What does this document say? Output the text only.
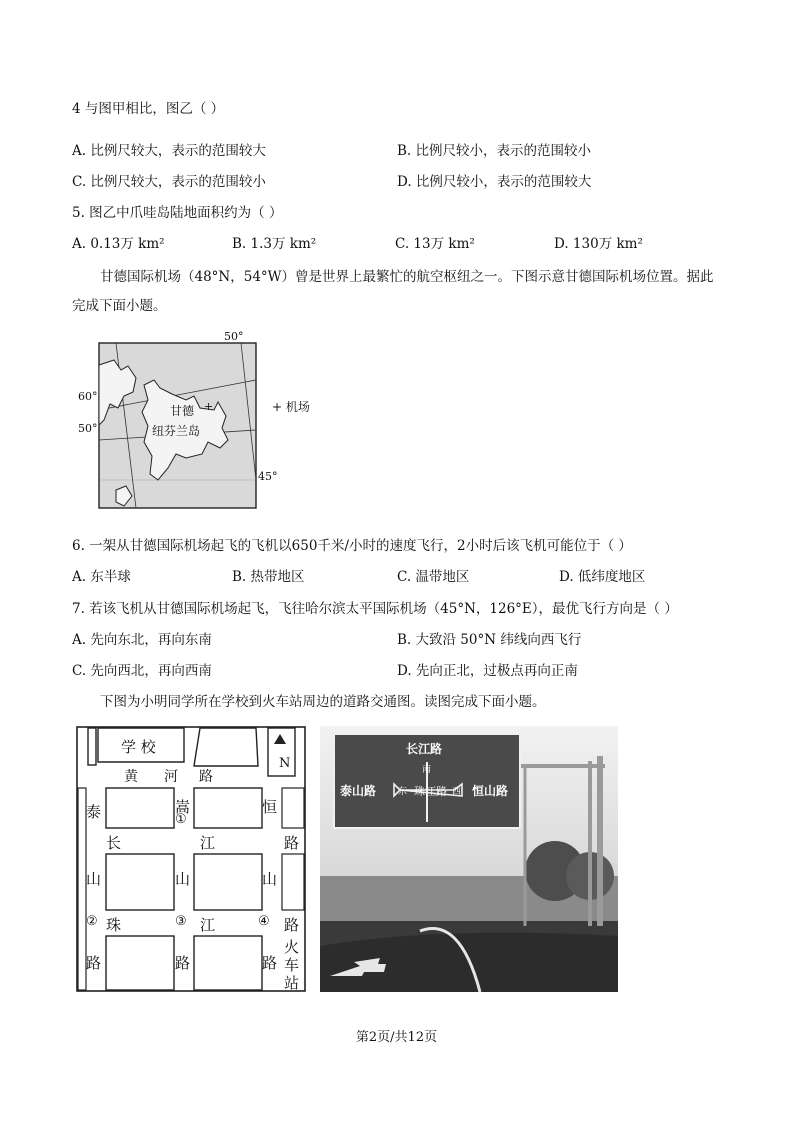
4 与图甲相比，图乙（ ）
A. 比例尺较大，表示的范围较大	B. 比例尺较小，表示的范围较小
C. 比例尺较大，表示的范围较小	D. 比例尺较小，表示的范围较大
5. 图乙中爪哇岛陆地面积约为（ ）
A. 0.13万 km²	B. 1.3万 km²	C. 13万 km²	D. 130万 km²
甘德国际机场（48°N，54°W）曾是世界上最繁忙的航空枢纽之一。下图示意甘德国际机场位置。据此
完成下面小题。
+
50°
60°
50°
45°
甘德
纽芬兰岛
+ 机场
6. 一架从甘德国际机场起飞的飞机以650千米/小时的速度飞行，2小时后该飞机可能位于（ ）
A. 东半球	B. 热带地区	C. 温带地区	D. 低纬度地区
7. 若该飞机从甘德国际机场起飞，飞往哈尔滨太平国际机场（45°N，126°E），最优飞行方向是（ ）
A. 先向东北，再向东南	B. 大致沿 50°N 纬线向西飞行
C. 先向西北，再向西南	D. 先向正北，过极点再向正南
下图为小明同学所在学校到火车站周边的道路交通图。读图完成下面小题。
学 校
N
黄 河 路
长	江	路
珠	江	路
泰
山
路
嵩
山
路
恒
山
路
①
②	③	④
火
车
站
长江路
南
泰山路	恒山路
珠江路
东	西
第2页/共12页
